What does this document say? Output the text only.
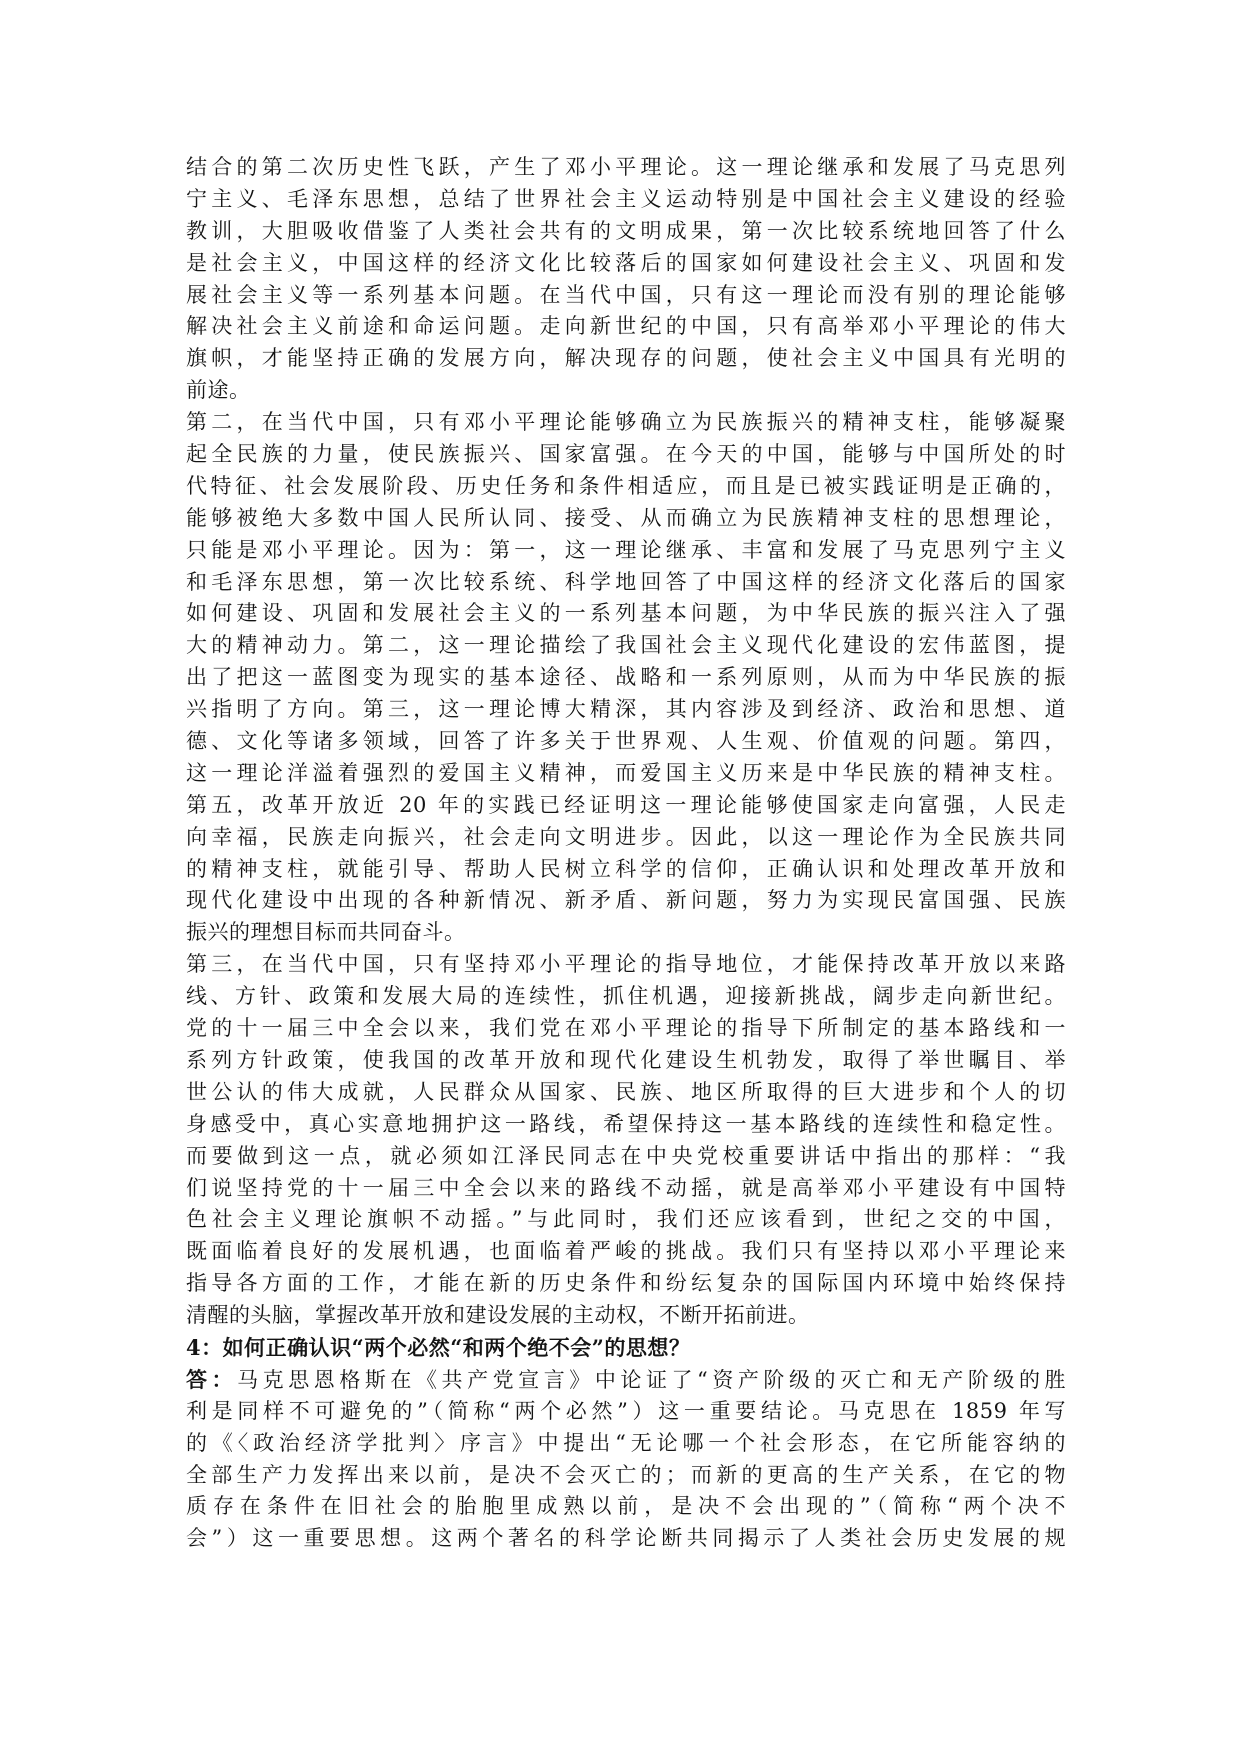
结合的第二次历史性飞跃，产生了邓小平理论。这一理论继承和发展了马克思列
宁主义、毛泽东思想，总结了世界社会主义运动特别是中国社会主义建设的经验
教训，大胆吸收借鉴了人类社会共有的文明成果，第一次比较系统地回答了什么
是社会主义，中国这样的经济文化比较落后的国家如何建设社会主义、巩固和发
展社会主义等一系列基本问题。在当代中国，只有这一理论而没有别的理论能够
解决社会主义前途和命运问题。走向新世纪的中国，只有高举邓小平理论的伟大
旗帜，才能坚持正确的发展方向，解决现存的问题，使社会主义中国具有光明的
前途。
第二，在当代中国，只有邓小平理论能够确立为民族振兴的精神支柱，能够凝聚
起全民族的力量，使民族振兴、国家富强。在今天的中国，能够与中国所处的时
代特征、社会发展阶段、历史任务和条件相适应，而且是已被实践证明是正确的，
能够被绝大多数中国人民所认同、接受、从而确立为民族精神支柱的思想理论，
只能是邓小平理论。因为：第一，这一理论继承、丰富和发展了马克思列宁主义
和毛泽东思想，第一次比较系统、科学地回答了中国这样的经济文化落后的国家
如何建设、巩固和发展社会主义的一系列基本问题，为中华民族的振兴注入了强
大的精神动力。第二，这一理论描绘了我国社会主义现代化建设的宏伟蓝图，提
出了把这一蓝图变为现实的基本途径、战略和一系列原则，从而为中华民族的振
兴指明了方向。第三，这一理论博大精深，其内容涉及到经济、政治和思想、道
德、文化等诸多领域，回答了许多关于世界观、人生观、价值观的问题。第四，
这一理论洋溢着强烈的爱国主义精神，而爱国主义历来是中华民族的精神支柱。
第五，改革开放近 20 年的实践已经证明这一理论能够使国家走向富强，人民走
向幸福，民族走向振兴，社会走向文明进步。因此，以这一理论作为全民族共同
的精神支柱，就能引导、帮助人民树立科学的信仰，正确认识和处理改革开放和
现代化建设中出现的各种新情况、新矛盾、新问题，努力为实现民富国强、民族
振兴的理想目标而共同奋斗。
第三，在当代中国，只有坚持邓小平理论的指导地位，才能保持改革开放以来路
线、方针、政策和发展大局的连续性，抓住机遇，迎接新挑战，阔步走向新世纪。
党的十一届三中全会以来，我们党在邓小平理论的指导下所制定的基本路线和一
系列方针政策，使我国的改革开放和现代化建设生机勃发，取得了举世瞩目、举
世公认的伟大成就，人民群众从国家、民族、地区所取得的巨大进步和个人的切
身感受中，真心实意地拥护这一路线，希望保持这一基本路线的连续性和稳定性。
而要做到这一点，就必须如江泽民同志在中央党校重要讲话中指出的那样：“我
们说坚持党的十一届三中全会以来的路线不动摇，就是高举邓小平建设有中国特
色社会主义理论旗帜不动摇。”与此同时，我们还应该看到，世纪之交的中国，
既面临着良好的发展机遇，也面临着严峻的挑战。我们只有坚持以邓小平理论来
指导各方面的工作，才能在新的历史条件和纷纭复杂的国际国内环境中始终保持
清醒的头脑，掌握改革开放和建设发展的主动权，不断开拓前进。
4：如何正确认识“两个必然“和两个绝不会”的思想？
答：马克思恩格斯在《共产党宣言》中论证了“资产阶级的灭亡和无产阶级的胜
利是同样不可避免的”（简称“两个必然”）这一重要结论。马克思在 1859 年写
的《〈政治经济学批判〉序言》中提出“无论哪一个社会形态，在它所能容纳的
全部生产力发挥出来以前，是决不会灭亡的；而新的更高的生产关系，在它的物
质存在条件在旧社会的胎胞里成熟以前，是决不会出现的”（简称“两个决不
会”）这一重要思想。这两个著名的科学论断共同揭示了人类社会历史发展的规
